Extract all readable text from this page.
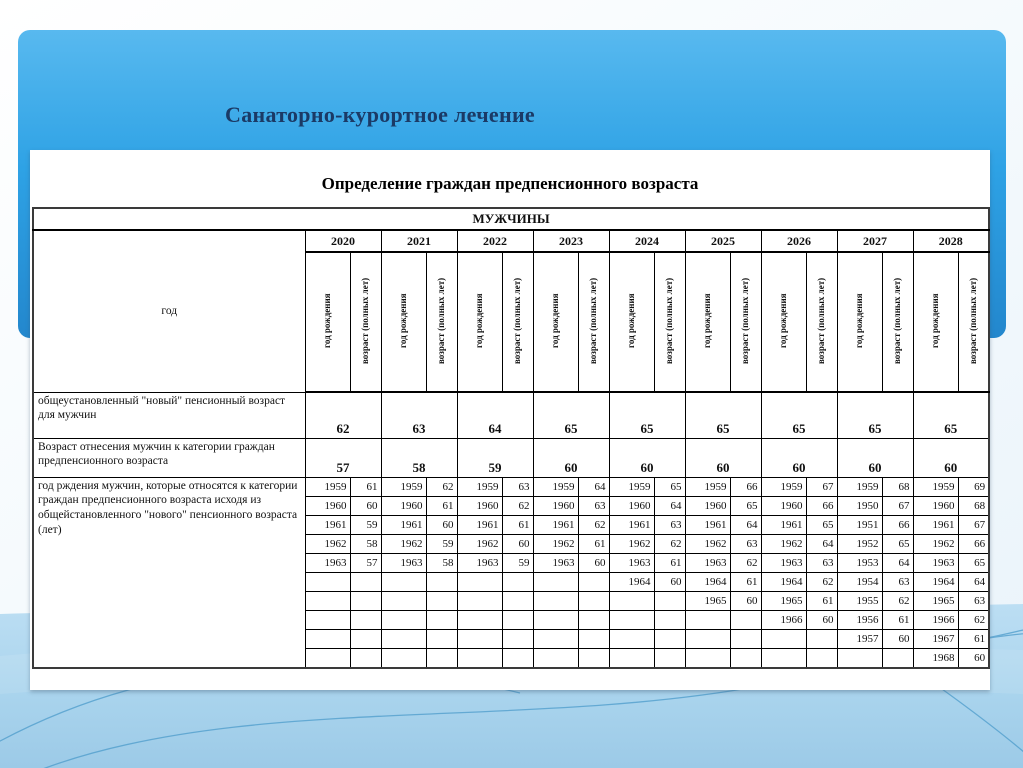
Санаторно-курортное лечение
Определение граждан предпенсионного возраста
МУЖЧИНЫ																		
год	2020		2021		2022		2023		2024		2025		2026		2027		2028	
	год рождения	возраст (полных лет)	год рождения	возраст (полных лет)	год рождения	возраст (полных лет)	год рождения	возраст (полных лет)	год рождения	возраст (полных лет)	год рождения	возраст (полных лет)	год рождения	возраст (полных лет)	год рождения	возраст (полных лет)	год рождения	возраст (полных лет)
общеустановленный "новый" пенсионный возраст для мужчин	62		63		64		65		65		65		65		65		65	
Возраст отнесения мужчин к категории граждан предпенсионного возраста	57		58		59		60		60		60		60		60		60	
год рждения мужчин, которые относятся к категории граждан предпенсионного возраста исходя из общейстановленного "нового" пенсионного возраста (лет)	1959	61	1959	62	1959	63	1959	64	1959	65	1959	66	1959	67	1959	68	1959	69
	1960	60	1960	61	1960	62	1960	63	1960	64	1960	65	1960	66	1950	67	1960	68
	1961	59	1961	60	1961	61	1961	62	1961	63	1961	64	1961	65	1951	66	1961	67
	1962	58	1962	59	1962	60	1962	61	1962	62	1962	63	1962	64	1952	65	1962	66
	1963	57	1963	58	1963	59	1963	60	1963	61	1963	62	1963	63	1953	64	1963	65
									1964	60	1964	61	1964	62	1954	63	1964	64
											1965	60	1965	61	1955	62	1965	63
													1966	60	1956	61	1966	62
															1957	60	1967	61
																	1968	60
